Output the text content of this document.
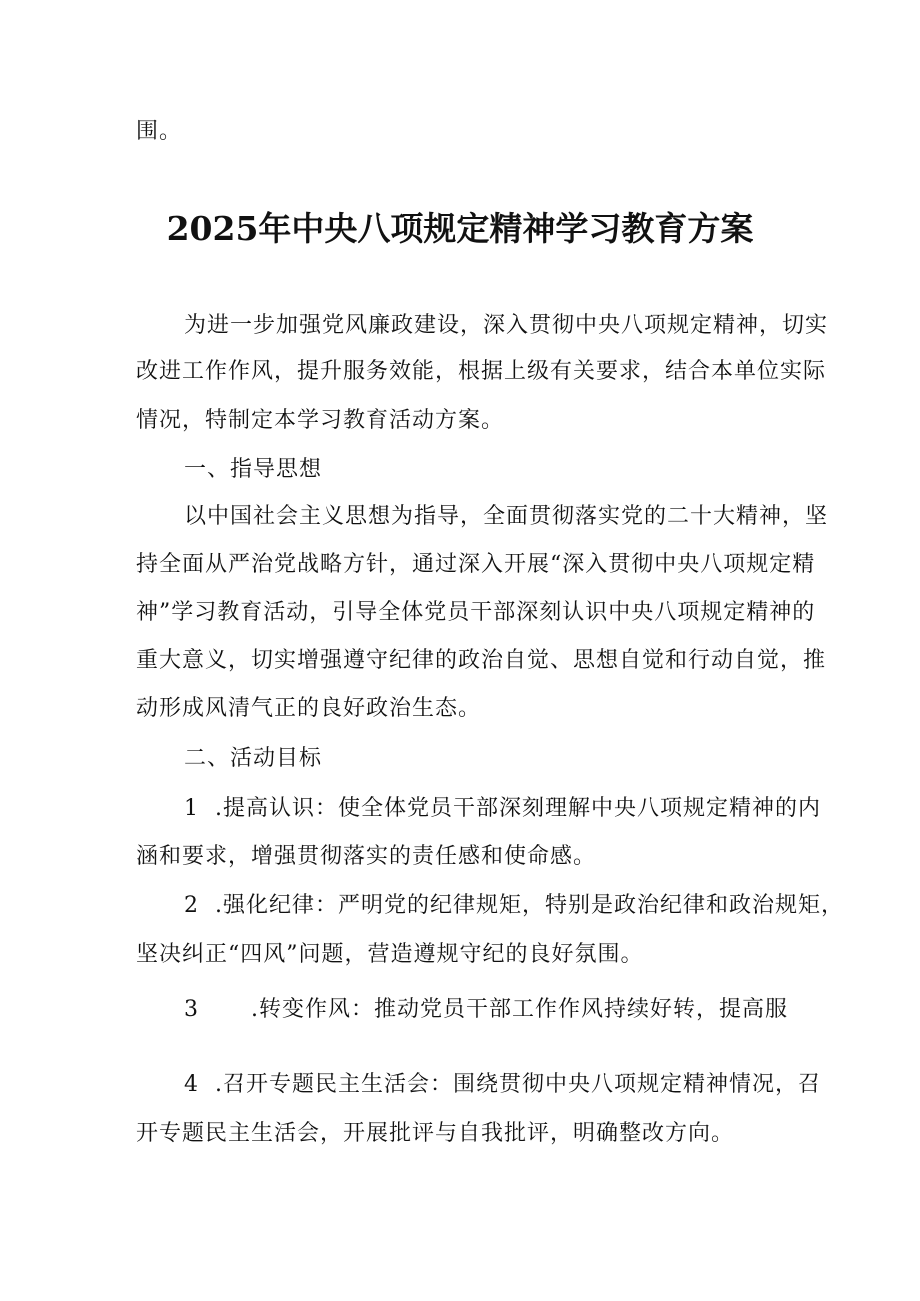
围。
2025年中央八项规定精神学习教育方案
为进一步加强党风廉政建设，深入贯彻中央八项规定精神，切实
改进工作作风，提升服务效能，根据上级有关要求，结合本单位实际
情况，特制定本学习教育活动方案。
一、指导思想
以中国社会主义思想为指导，全面贯彻落实党的二十大精神，坚
持全面从严治党战略方针，通过深入开展“深入贯彻中央八项规定精
神”学习教育活动，引导全体党员干部深刻认识中央八项规定精神的
重大意义，切实增强遵守纪律的政治自觉、思想自觉和行动自觉，推
动形成风清气正的良好政治生态。
二、活动目标
1 .提高认识：使全体党员干部深刻理解中央八项规定精神的内
涵和要求，增强贯彻落实的责任感和使命感。
2 .强化纪律：严明党的纪律规矩，特别是政治纪律和政治规矩，
坚决纠正“四风”问题，营造遵规守纪的良好氛围。
3 .转变作风：推动党员干部工作作风持续好转，提高服
4 .召开专题民主生活会：围绕贯彻中央八项规定精神情况，召
开专题民主生活会，开展批评与自我批评，明确整改方向。
